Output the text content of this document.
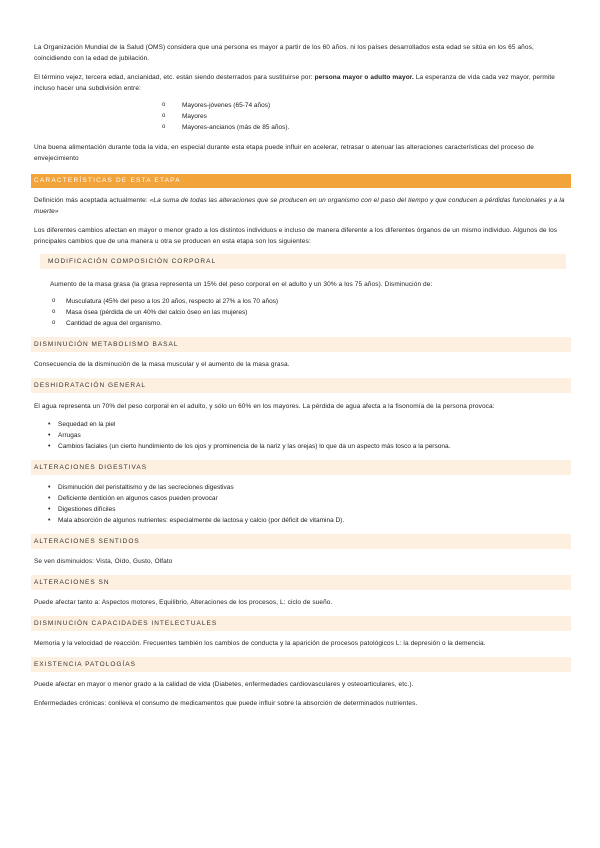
La Organización Mundial de la Salud (OMS) considera que una persona es mayor a partir de los 60 años. ni los países desarrollados esta edad se sitúa en los 65 años, coincidiendo con la edad de jubilación.

El término vejez, tercera edad, ancianidad, etc. están siendo desterrados para sustituirse por: persona mayor o adulto mayor. La esperanza de vida cada vez mayor, permite incluso hacer una subdivisión entre:

o Mayores-jóvenes (65-74 años)
o Mayores
o Mayores-ancianos (más de 85 años).

Una buena alimentación durante toda la vida, en especial durante esta etapa puede influir en acelerar, retrasar o atenuar las alteraciones características del proceso de envejecimiento

CARACTERÍSTICAS DE ESTA ETAPA

Definición más aceptada actualmente: «La suma de todas las alteraciones que se producen en un organismo con el paso del tiempo y que conducen a pérdidas funcionales y a la muerte»

Los diferentes cambios afectan en mayor o menor grado a los distintos individuos e incluso de manera diferente a los diferentes órganos de un mismo individuo. Algunos de los principales cambios que de una manera u otra se producen en esta etapa son los siguientes:

MODIFICACIÓN COMPOSICIÓN CORPORAL

Aumento de la masa grasa (la grasa representa un 15% del peso corporal en el adulto y un 30% a los 75 años). Disminución de:

o Musculatura (45% del peso a los 20 años, respecto al 27% a los 70 años)
o Masa ósea (pérdida de un 40% del calcio óseo en las mujeres)
o Cantidad de agua del organismo.
DISMINUCIÓN METABOLISMO BASAL

Consecuencia de la disminución de la masa muscular y el aumento de la masa grasa.

DESHIDRATACIÓN GENERAL

El agua representa un 70% del peso corporal en el adulto, y sólo un 60% en los mayores. La pérdida de agua afecta a la fisonomía de la persona provoca:

• Sequedad en la piel
• Arrugas
• Cambios faciales (un cierto hundimiento de los ojos y prominencia de la nariz y las orejas) lo que da un aspecto más tosco a la persona.
ALTERACIONES DIGESTIVAS
• Disminución del peristaltismo y de las secreciones digestivas
• Deficiente dentición en algunos casos pueden provocar
• Digestiones difíciles
• Mala absorción de algunos nutrientes: especialmente de lactosa y calcio (por déficit de vitamina D).
ALTERACIONES SENTIDOS

Se ven disminuidos: Vista, Oído, Gusto, Olfato

ALTERACIONES SN

Puede afectar tanto a: Aspectos motores, Equilibrio, Alteraciones de los procesos, L: ciclo de sueño.

DISMINUCIÓN CAPACIDADES INTELECTUALES

Memoria y la velocidad de reacción. Frecuentes también los cambios de conducta y la aparición de procesos patológicos L: la depresión o la demencia.

EXISTENCIA PATOLOGÍAS

Puede afectar en mayor o menor grado a la calidad de vida (Diabetes, enfermedades cardiovasculares y osteoarticulares, etc.).

Enfermedades crónicas: conlleva el consumo de medicamentos que puede influir sobre la absorción de determinados nutrientes.
